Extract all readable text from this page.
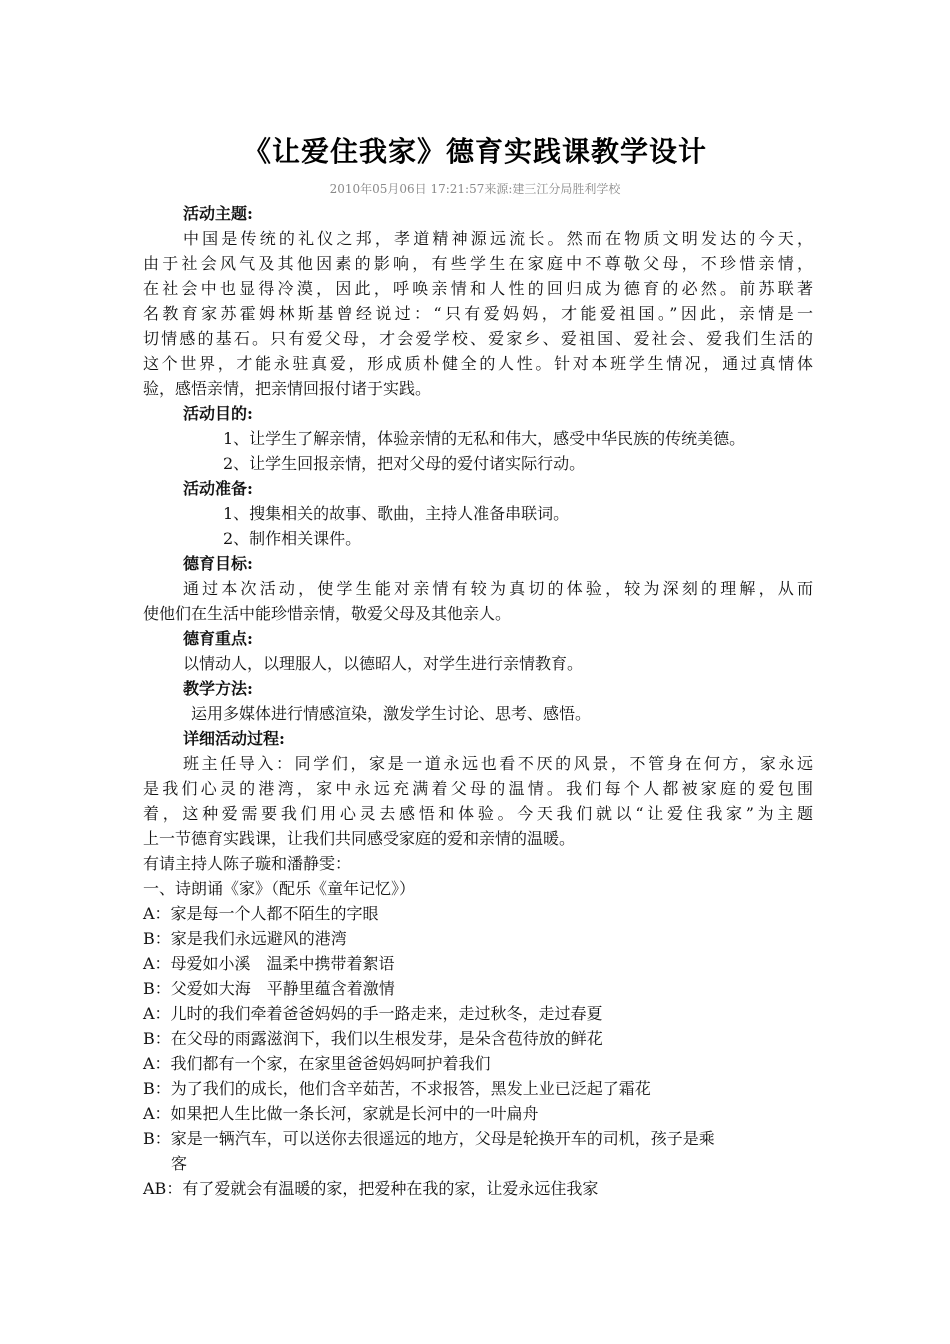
《让爱住我家》德育实践课教学设计
2010年05月06日 17:21:57来源:建三江分局胜利学校
活动主题:
中国是传统的礼仪之邦，孝道精神源远流长。然而在物质文明发达的今天，
由于社会风气及其他因素的影响，有些学生在家庭中不尊敬父母，不珍惜亲情，
在社会中也显得冷漠，因此，呼唤亲情和人性的回归成为德育的必然。前苏联著
名教育家苏霍姆林斯基曾经说过：“只有爱妈妈，才能爱祖国。”因此，亲情是一
切情感的基石。只有爱父母，才会爱学校、爱家乡、爱祖国、爱社会、爱我们生活的
这个世界，才能永驻真爱，形成质朴健全的人性。针对本班学生情况，通过真情体
验，感悟亲情，把亲情回报付诸于实践。
活动目的:
1、让学生了解亲情，体验亲情的无私和伟大，感受中华民族的传统美德。
2、让学生回报亲情，把对父母的爱付诸实际行动。
活动准备:
1、搜集相关的故事、歌曲，主持人准备串联词。
2、制作相关课件。
德育目标:
通过本次活动，使学生能对亲情有较为真切的体验，较为深刻的理解，从而
使他们在生活中能珍惜亲情，敬爱父母及其他亲人。
德育重点:
以情动人，以理服人，以德昭人，对学生进行亲情教育。
教学方法:
运用多媒体进行情感渲染，激发学生讨论、思考、感悟。
详细活动过程:
班主任导入：同学们，家是一道永远也看不厌的风景，不管身在何方，家永远
是我们心灵的港湾，家中永远充满着父母的温情。我们每个人都被家庭的爱包围
着，这种爱需要我们用心灵去感悟和体验。今天我们就以“让爱住我家”为主题
上一节德育实践课，让我们共同感受家庭的爱和亲情的温暖。
有请主持人陈子璇和潘静雯：
一、诗朗诵《家》（配乐《童年记忆》）
A：家是每一个人都不陌生的字眼
B：家是我们永远避风的港湾
A：母爱如小溪　温柔中携带着絮语
B：父爱如大海　平静里蕴含着激情
A：儿时的我们牵着爸爸妈妈的手一路走来，走过秋冬，走过春夏
B：在父母的雨露滋润下，我们以生根发芽，是朵含苞待放的鲜花
A：我们都有一个家，在家里爸爸妈妈呵护着我们
B：为了我们的成长，他们含辛茹苦，不求报答，黑发上业已泛起了霜花
A：如果把人生比做一条长河，家就是长河中的一叶扁舟
B：家是一辆汽车，可以送你去很遥远的地方，父母是轮换开车的司机，孩子是乘
客
AB：有了爱就会有温暖的家，把爱种在我的家，让爱永远住我家
